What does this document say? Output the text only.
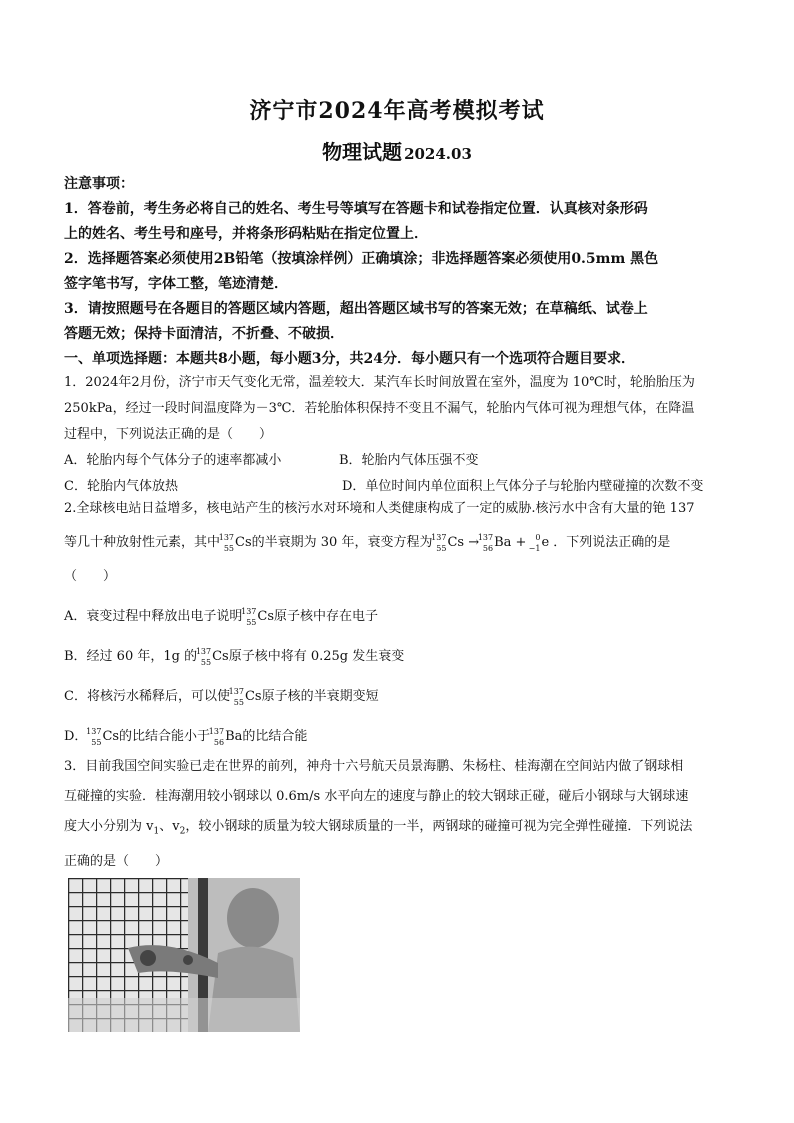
济宁市2024年高考模拟考试
物理试题 2024.03
注意事项：
1．答卷前，考生务必将自己的姓名、考生号等填写在答题卡和试卷指定位置．认真核对条形码
上的姓名、考生号和座号，并将条形码粘贴在指定位置上．
2．选择题答案必须使用2B铅笔（按填涂样例）正确填涂；非选择题答案必须使用0.5mm 黑色
签字笔书写，字体工整，笔迹清楚．
3．请按照题号在各题目的答题区域内答题，超出答题区域书写的答案无效；在草稿纸、试卷上
答题无效；保持卡面清洁，不折叠、不破损．
一、单项选择题：本题共8小题，每小题3分，共24分．每小题只有一个选项符合题目要求．
1．2024年2月份，济宁市天气变化无常，温差较大．某汽车长时间放置在室外，温度为 10℃时，轮胎胎压为
250kPa，经过一段时间温度降为－3℃．若轮胎体积保持不变且不漏气，轮胎内气体可视为理想气体，在降温
过程中，下列说法正确的是（　　）
A．轮胎内每个气体分子的速率都减小	B．轮胎内气体压强不变
C．轮胎内气体放热	D．单位时间内单位面积上气体分子与轮胎内壁碰撞的次数不变
2.全球核电站日益增多，核电站产生的核污水对环境和人类健康构成了一定的威胁.核污水中含有大量的铯 137
等几十种放射性元素，其中
137
55 Cs的半衰期为 30 年，衰变方程为
137
55 Cs →
137
56 Ba + 0
−1 e ．下列说法正确的是
（　　）
A．衰变过程中释放出电子说明
137
55 Cs原子核中存在电子
B．经过 60 年，1g 的
137
55 Cs原子核中将有 0.25g 发生衰变
C．将核污水稀释后，可以使
137
55 Cs原子核的半衰期变短
D．
137
55 Cs的比结合能小于
137
56 Ba的比结合能
3．目前我国空间实验已走在世界的前列，神舟十六号航天员景海鹏、朱杨柱、桂海潮在空间站内做了钢球相
互碰撞的实验．桂海潮用较小钢球以 0.6m/s 水平向左的速度与静止的较大钢球正碰，碰后小钢球与大钢球速
度大小分别为 $v_1$、$v_2$，较小钢球的质量为较大钢球质量的一半，两钢球的碰撞可视为完全弹性碰撞．下列说法
正确的是（　　）
